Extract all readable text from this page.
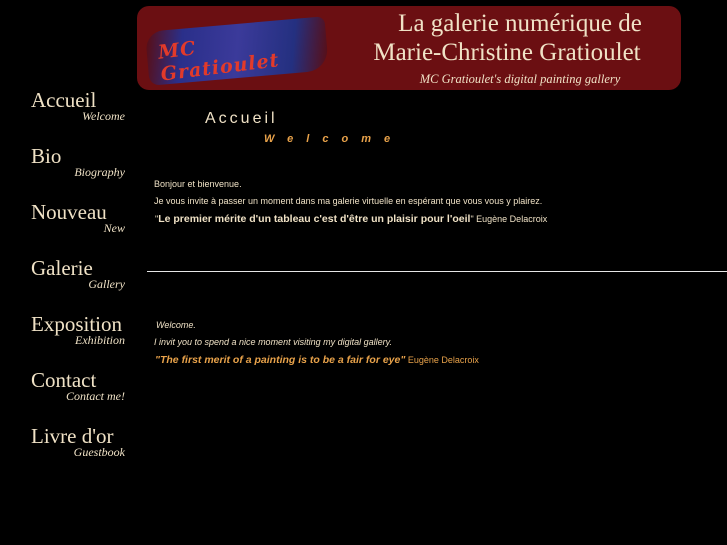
MC Gratioulet
La galerie numérique de
Marie-Christine Gratioulet
MC Gratioulet's digital painting gallery
Accueil
Welcome
Bio
Biography
Nouveau
New
Galerie
Gallery
Exposition
Exhibition
Contact
Contact me!
Livre d'or
Guestbook
Accueil
Welcome
Bonjour et bienvenue.
Je vous invite à passer un moment dans ma galerie virtuelle en espérant que vous vous y plairez.
"Le premier mérite d'un tableau c'est d'être un plaisir pour l'oeil" Eugène Delacroix
Welcome.
I invit you to spend a nice moment visiting my digital gallery.
"The first merit of a painting is to be a fair for eye" Eugène Delacroix
